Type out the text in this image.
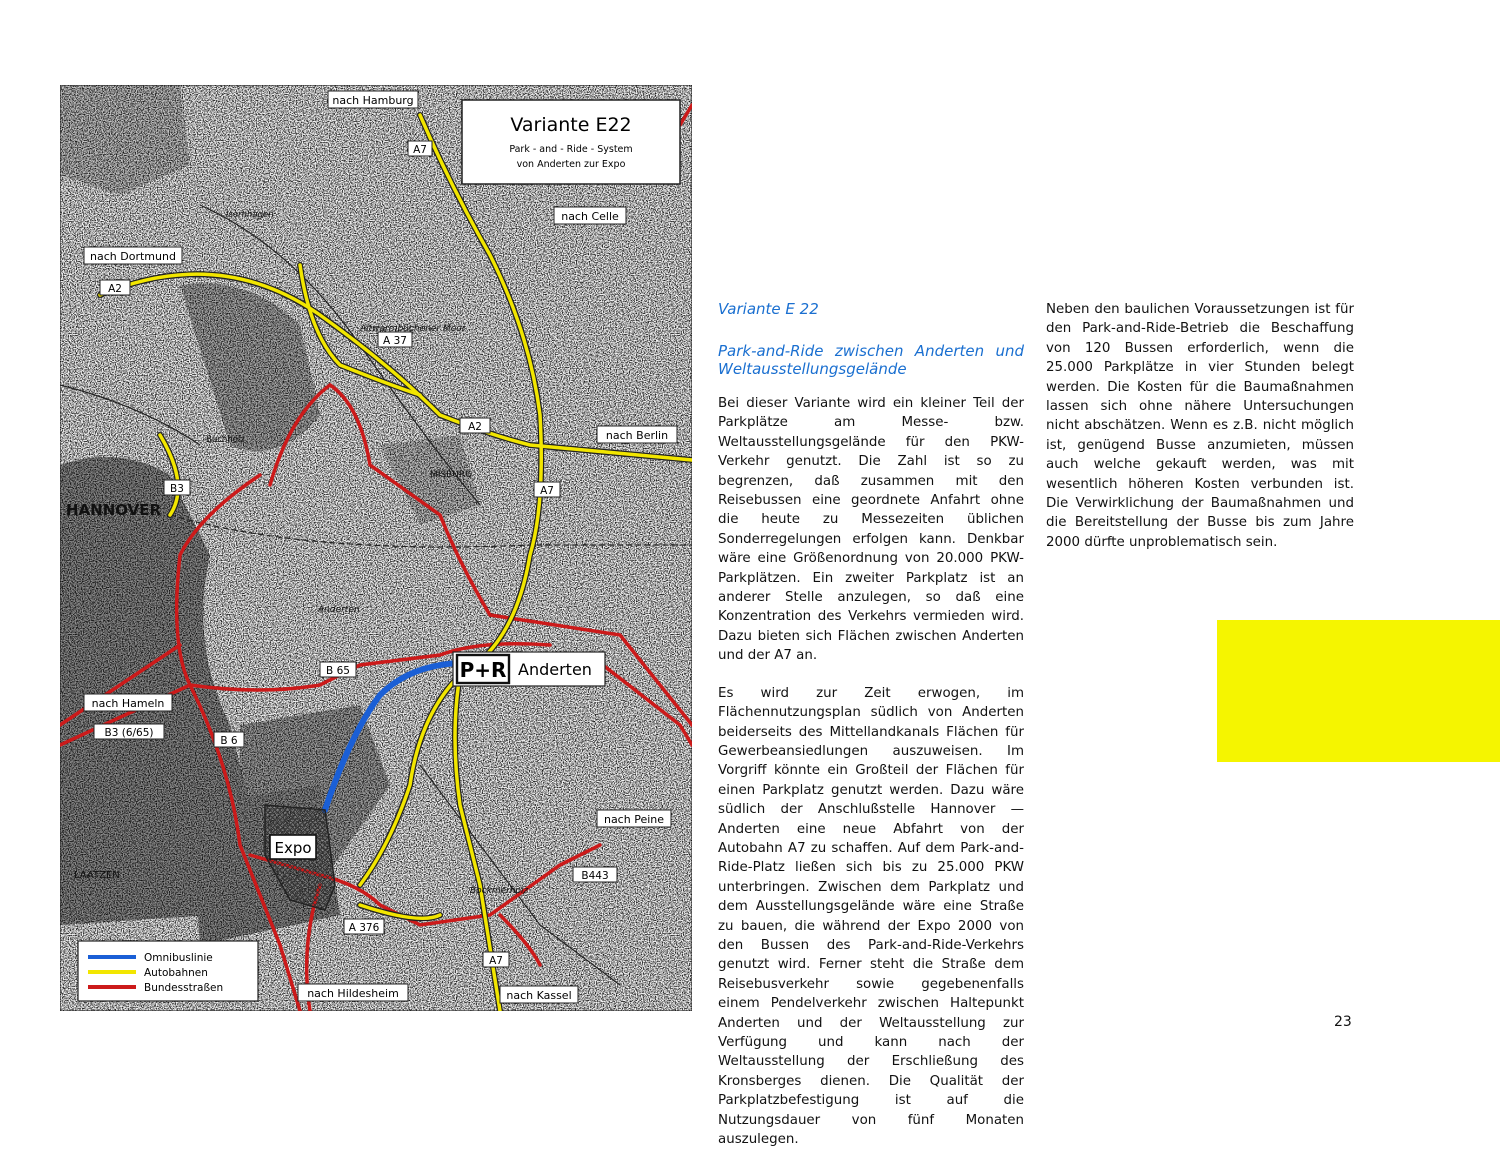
Variante E22
Park - and - Ride - System
von Anderten zur Expo
nach Hamburg
nach Celle
nach Dortmund
nach Berlin
nach Hameln
nach Peine
nach Hildesheim	nach Kassel
A7
A2
A 37
A2
B3	A7
B 65
B 6
B3 (6/65)
B443
A 376
A7
HANNOVER
LAATZEN
MISBURG
Anderten
Bockmerholz
Altwarmbüchener Moor
Isernhagen
Buchholz
P+R Anderten
Expo
Omnibuslinie
Autobahnen
Bundesstraßen
Variante E 22
Park-and-Ride zwischen Anderten und Weltausstellungsgelände

Bei dieser Variante wird ein kleiner Teil der Parkplätze am Messe- bzw. Weltausstellungsgelände für den PKW-Verkehr genutzt. Die Zahl ist so zu begrenzen, daß zusammen mit den Reisebussen eine geordnete Anfahrt ohne die heute zu Messezeiten üblichen Sonderregelungen erfolgen kann. Denkbar wäre eine Größenordnung von 20.000 PKW-Parkplätzen. Ein zweiter Parkplatz ist an anderer Stelle anzulegen, so daß eine Konzentration des Verkehrs vermieden wird. Dazu bieten sich Flächen zwischen Anderten und der A7 an.

Es wird zur Zeit erwogen, im Flächennutzungsplan südlich von Anderten beiderseits des Mittellandkanals Flächen für Gewerbeansiedlungen auszuweisen. Im Vorgriff könnte ein Großteil der Flächen für einen Parkplatz genutzt werden. Dazu wäre südlich der Anschlußstelle Hannover — Anderten eine neue Abfahrt von der Autobahn A7 zu schaffen. Auf dem Park-and-Ride-Platz ließen sich bis zu 25.000 PKW unterbringen. Zwischen dem Parkplatz und dem Ausstellungsgelände wäre eine Straße zu bauen, die während der Expo 2000 von den Bussen des Park-and-Ride-Verkehrs genutzt wird. Ferner steht die Straße dem Reisebusverkehr sowie gegebenenfalls einem Pendelverkehr zwischen Haltepunkt Anderten und der Weltausstellung zur Verfügung und kann nach der Weltausstellung der Erschließung des Kronsberges dienen. Die Qualität der Parkplatzbefestigung ist auf die Nutzungsdauer von fünf Monaten auszulegen.

Neben den baulichen Voraussetzungen ist für den Park-and-Ride-Betrieb die Beschaffung von 120 Bussen erforderlich, wenn die 25.000 Parkplätze in vier Stunden belegt werden. Die Kosten für die Baumaßnahmen lassen sich ohne nähere Untersuchungen nicht abschätzen. Wenn es z.B. nicht möglich ist, genügend Busse anzumieten, müssen auch welche gekauft werden, was mit wesentlich höheren Kosten verbunden ist. Die Verwirklichung der Baumaßnahmen und die Bereitstellung der Busse bis zum Jahre 2000 dürfte unproblematisch sein.

23
